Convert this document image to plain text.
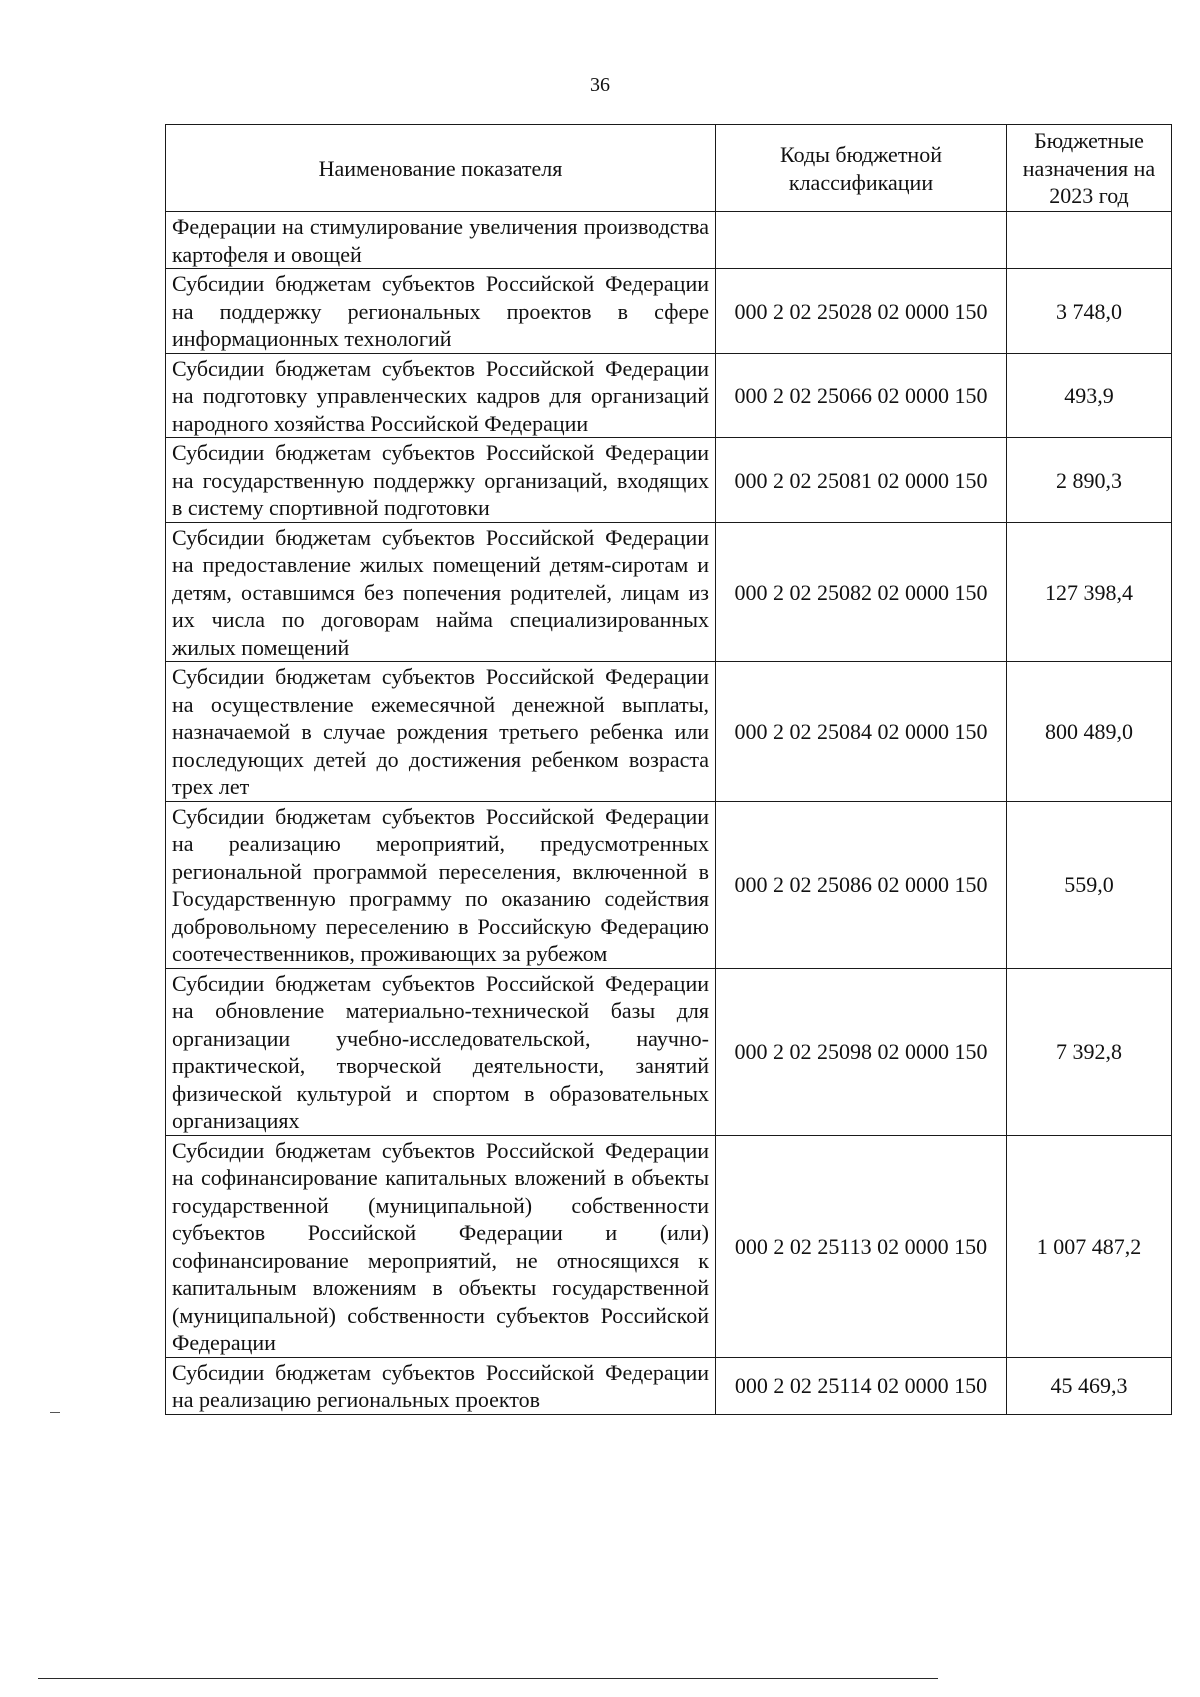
36
Наименование показателя	Коды бюджетной классификации	Бюджетные назначения на 2023 год
Федерации на стимулирование увеличения производства картофеля и овощей		
Субсидии бюджетам субъектов Российской Федерации на поддержку региональных проектов в сфере информационных технологий	000 2 02 25028 02 0000 150	3 748,0
Субсидии бюджетам субъектов Российской Федерации на подготовку управленческих кадров для организаций народного хозяйства Российской Федерации	000 2 02 25066 02 0000 150	493,9
Субсидии бюджетам субъектов Российской Федерации на государственную поддержку организаций, входящих в систему спортивной подготовки	000 2 02 25081 02 0000 150	2 890,3
Субсидии бюджетам субъектов Российской Федерации на предоставление жилых помещений детям-сиротам и детям, оставшимся без попечения родителей, лицам из их числа по договорам найма специализированных жилых помещений	000 2 02 25082 02 0000 150	127 398,4
Субсидии бюджетам субъектов Российской Федерации на осуществление ежемесячной денежной выплаты, назначаемой в случае рождения третьего ребенка или последующих детей до достижения ребенком возраста трех лет	000 2 02 25084 02 0000 150	800 489,0
Субсидии бюджетам субъектов Российской Федерации на реализацию мероприятий, предусмотренных региональной программой переселения, включенной в Государственную программу по оказанию содействия добровольному переселению в Российскую Федерацию соотечественников, проживающих за рубежом	000 2 02 25086 02 0000 150	559,0
Субсидии бюджетам субъектов Российской Федерации на обновление материально-технической базы для организации учебно-исследовательской, научно-практической, творческой деятельности, занятий физической культурой и спортом в образовательных организациях	000 2 02 25098 02 0000 150	7 392,8
Субсидии бюджетам субъектов Российской Федерации на софинансирование капитальных вложений в объекты государственной (муниципальной) собственности субъектов Российской Федерации и (или) софинансирование мероприятий, не относящихся к капитальным вложениям в объекты государственной (муниципальной) собственности субъектов Российской Федерации	000 2 02 25113 02 0000 150	1 007 487,2
Субсидии бюджетам субъектов Российской Федерации на реализацию региональных проектов	000 2 02 25114 02 0000 150	45 469,3
